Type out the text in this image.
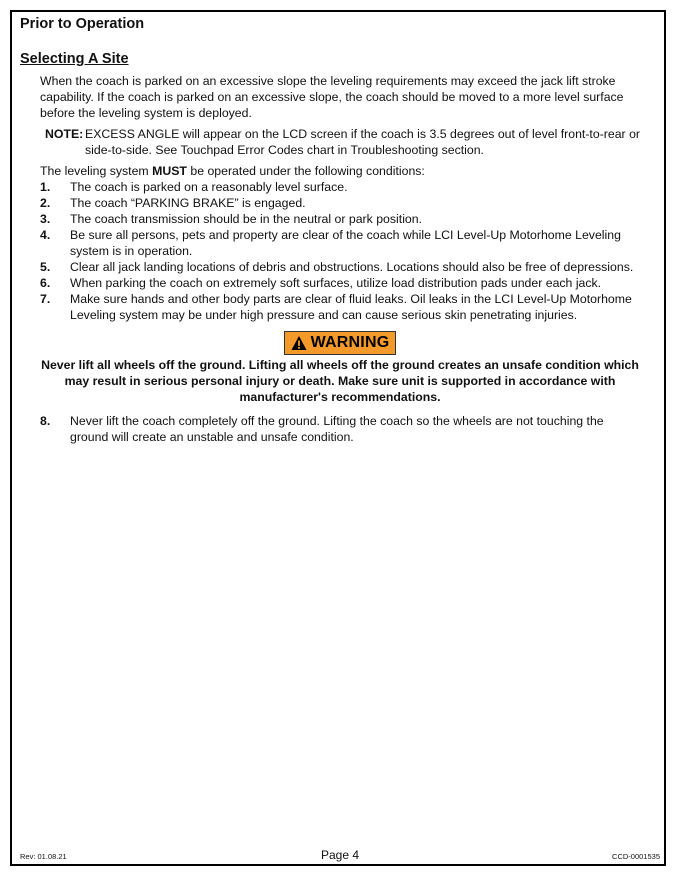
Prior to Operation
Selecting A Site

When the coach is parked on an excessive slope the leveling requirements may exceed the jack lift stroke capability. If the coach is parked on an excessive slope, the coach should be moved to a more level surface before the leveling system is deployed.

NOTE: EXCESS ANGLE will appear on the LCD screen if the coach is 3.5 degrees out of level front-to-rear or side-to-side. See Touchpad Error Codes chart in Troubleshooting section.

The leveling system MUST be operated under the following conditions:

1.	The coach is parked on a reasonably level surface.
2.	The coach “PARKING BRAKE” is engaged.
3.	The coach transmission should be in the neutral or park position.
4.	Be sure all persons, pets and property are clear of the coach while LCI Level-Up Motorhome Leveling system is in operation.
5.	Clear all jack landing locations of debris and obstructions. Locations should also be free of depressions.
6.	When parking the coach on extremely soft surfaces, utilize load distribution pads under each jack.
7.	Make sure hands and other body parts are clear of fluid leaks. Oil leaks in the LCI Level-Up Motorhome Leveling system may be under high pressure and can cause serious skin penetrating injuries.
WARNING

Never lift all wheels off the ground. Lifting all wheels off the ground creates an unsafe condition which may result in serious personal injury or death. Make sure unit is supported in accordance with manufacturer's recommendations.

8.	Never lift the coach completely off the ground. Lifting the coach so the wheels are not touching the ground will create an unstable and unsafe condition.
Rev: 01.08.21	Page 4	CCD-0001535
